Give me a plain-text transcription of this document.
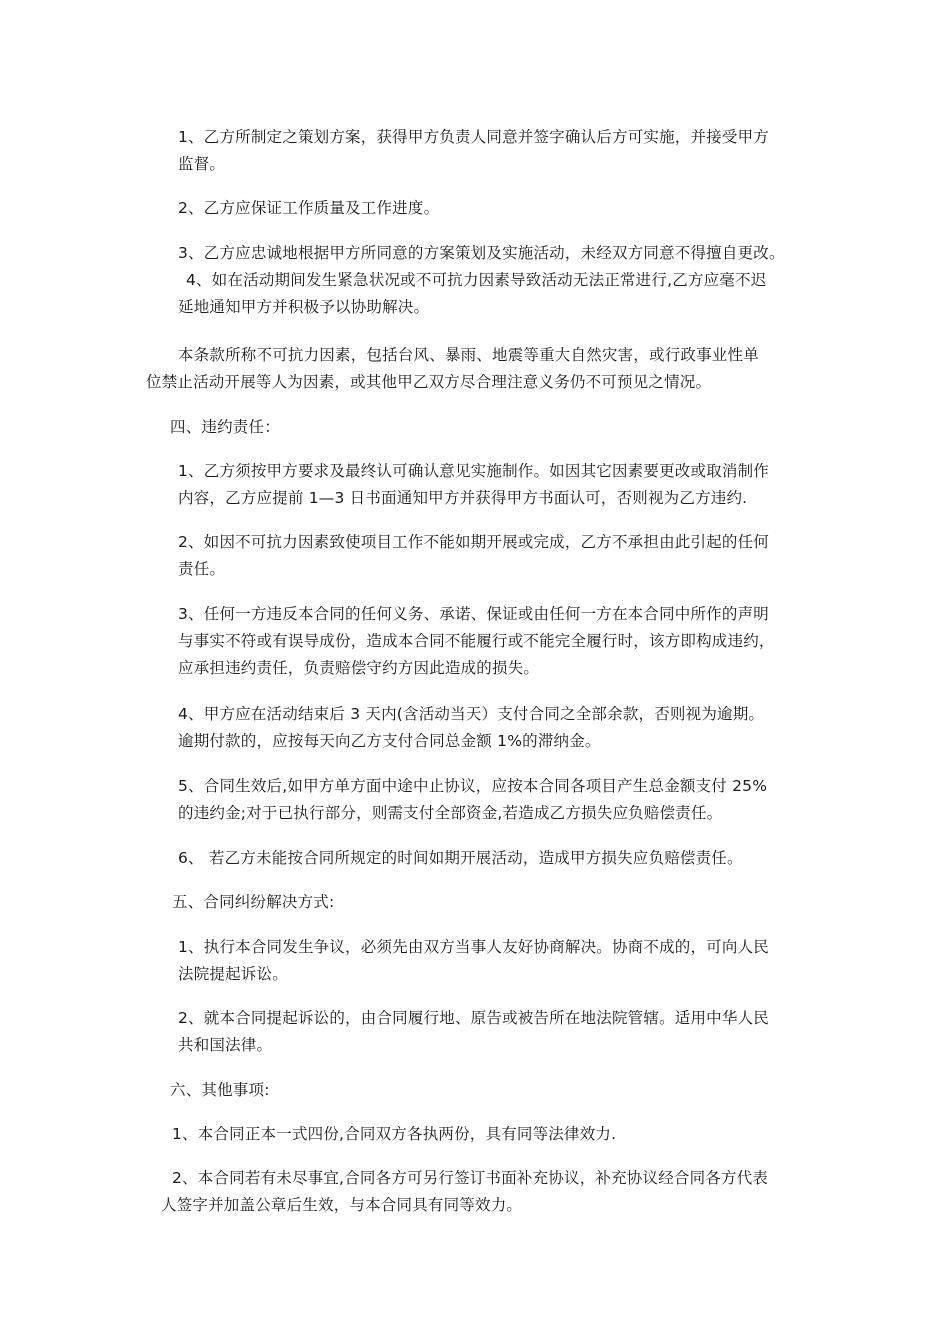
1、乙方所制定之策划方案，获得甲方负责人同意并签字确认后方可实施，并接受甲方
监督。
2、乙方应保证工作质量及工作进度。
3、乙方应忠诚地根据甲方所同意的方案策划及实施活动，未经双方同意不得擅自更改。
4、如在活动期间发生紧急状况或不可抗力因素导致活动无法正常进行,乙方应毫不迟
延地通知甲方并积极予以协助解决。
本条款所称不可抗力因素，包括台风、暴雨、地震等重大自然灾害，或行政事业性单
位禁止活动开展等人为因素，或其他甲乙双方尽合理注意义务仍不可预见之情况。
四、违约责任：
1、乙方须按甲方要求及最终认可确认意见实施制作。如因其它因素要更改或取消制作
内容，乙方应提前 1—3 日书面通知甲方并获得甲方书面认可，否则视为乙方违约.
2、如因不可抗力因素致使项目工作不能如期开展或完成，乙方不承担由此引起的任何
责任。
3、任何一方违反本合同的任何义务、承诺、保证或由任何一方在本合同中所作的声明
与事实不符或有误导成份，造成本合同不能履行或不能完全履行时，该方即构成违约，
应承担违约责任，负责赔偿守约方因此造成的损失。
4、甲方应在活动结束后 3 天内(含活动当天）支付合同之全部余款，否则视为逾期。
逾期付款的，应按每天向乙方支付合同总金额 1%的滞纳金。
5、合同生效后,如甲方单方面中途中止协议，应按本合同各项目产生总金额支付 25%
的违约金;对于已执行部分，则需支付全部资金,若造成乙方损失应负赔偿责任。
6、 若乙方未能按合同所规定的时间如期开展活动，造成甲方损失应负赔偿责任。
五、合同纠纷解决方式:
1、执行本合同发生争议，必须先由双方当事人友好协商解决。协商不成的，可向人民
法院提起诉讼。
2、就本合同提起诉讼的，由合同履行地、原告或被告所在地法院管辖。适用中华人民
共和国法律。
六、其他事项:
1、本合同正本一式四份,合同双方各执两份，具有同等法律效力.
2、本合同若有未尽事宜,合同各方可另行签订书面补充协议，补充协议经合同各方代表
人签字并加盖公章后生效，与本合同具有同等效力。
